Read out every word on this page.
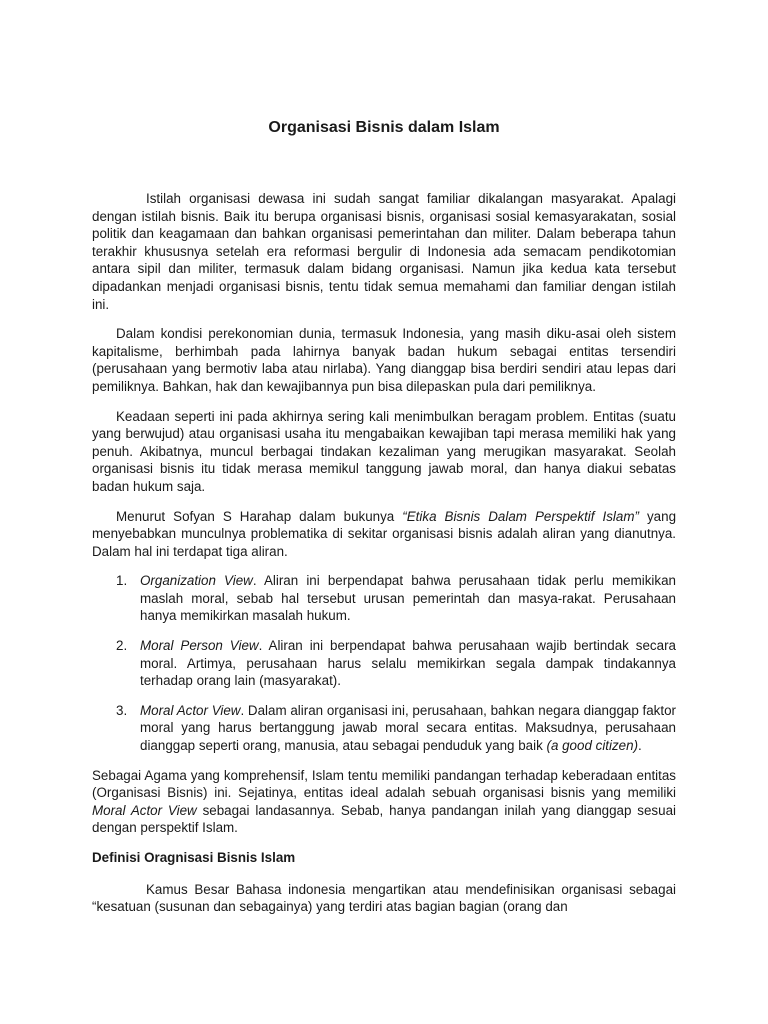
Organisasi Bisnis dalam Islam

Istilah organisasi dewasa ini sudah sangat familiar dikalangan masyarakat. Apalagi dengan istilah bisnis. Baik itu berupa organisasi bisnis, organisasi sosial kemasyarakatan, sosial politik dan keagamaan dan bahkan organisasi pemerintahan dan militer. Dalam beberapa tahun terakhir khususnya setelah era reformasi bergulir di Indonesia ada semacam pendikotomian antara sipil dan militer, termasuk dalam bidang organisasi. Namun jika kedua kata tersebut dipadankan menjadi organisasi bisnis, tentu tidak semua memahami dan familiar dengan istilah ini.

Dalam kondisi perekonomian dunia, termasuk Indonesia, yang masih diku-asai oleh sistem kapitalisme, berhimbah pada lahirnya banyak badan hukum sebagai entitas tersendiri (perusahaan yang bermotiv laba atau nirlaba). Yang dianggap bisa berdiri sendiri atau lepas dari pemiliknya. Bahkan, hak dan kewajibannya pun bisa dilepaskan pula dari pemiliknya.

Keadaan seperti ini pada akhirnya sering kali menimbulkan beragam problem. Entitas (suatu yang berwujud) atau organisasi usaha itu mengabaikan kewajiban tapi merasa memiliki hak yang penuh. Akibatnya, muncul berbagai tindakan kezaliman yang merugikan masyarakat. Seolah organisasi bisnis itu tidak merasa memikul tanggung jawab moral, dan hanya diakui sebatas badan hukum saja.

Menurut Sofyan S Harahap dalam bukunya “Etika Bisnis Dalam Perspektif Islam” yang menyebabkan munculnya problematika di sekitar organisasi bisnis adalah aliran yang dianutnya. Dalam hal ini terdapat tiga aliran.

1. Organization View. Aliran ini berpendapat bahwa perusahaan tidak perlu memikikan maslah moral, sebab hal tersebut urusan pemerintah dan masya-rakat. Perusahaan hanya memikirkan masalah hukum.
2. Moral Person View. Aliran ini berpendapat bahwa perusahaan wajib bertindak secara moral. Artimya, perusahaan harus selalu memikirkan segala dampak tindakannya terhadap orang lain (masyarakat).
3. Moral Actor View. Dalam aliran organisasi ini, perusahaan, bahkan negara dianggap faktor moral yang harus bertanggung jawab moral secara entitas. Maksudnya, perusahaan dianggap seperti orang, manusia, atau sebagai penduduk yang baik (a good citizen).

Sebagai Agama yang komprehensif, Islam tentu memiliki pandangan terhadap keberadaan entitas (Organisasi Bisnis) ini. Sejatinya, entitas ideal adalah sebuah organisasi bisnis yang memiliki Moral Actor View sebagai landasannya. Sebab, hanya pandangan inilah yang dianggap sesuai dengan perspektif Islam.

Definisi Oragnisasi Bisnis Islam

Kamus Besar Bahasa indonesia mengartikan atau mendefinisikan organisasi sebagai “kesatuan (susunan dan sebagainya) yang terdiri atas bagian bagian (orang dan
